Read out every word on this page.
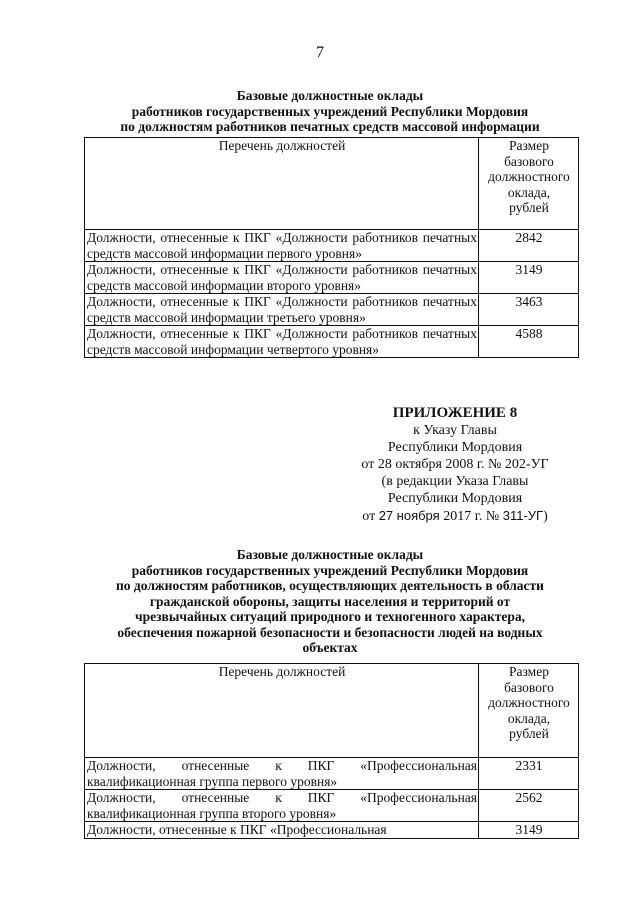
7
Базовые должностные оклады
работников государственных учреждений Республики Мордовия
по должностям работников печатных средств массовой информации
Перечень должностей	Размер
базового
должностного
оклада,
рублей

Должности, отнесенные к ПКГ «Должности работников печатных средств массовой информации первого уровня»	2842
Должности, отнесенные к ПКГ «Должности работников печатных средств массовой информации второго уровня»	3149
Должности, отнесенные к ПКГ «Должности работников печатных средств массовой информации третьего уровня»	3463
Должности, отнесенные к ПКГ «Должности работников печатных средств массовой информации четвертого уровня»	4588
ПРИЛОЖЕНИЕ 8
к Указу Главы
Республики Мордовия
от 28 октября 2008 г. № 202-УГ
(в редакции Указа Главы
Республики Мордовия
от 27 ноября 2017 г. № 311-УГ)
Базовые должностные оклады
работников государственных учреждений Республики Мордовия
по должностям работников, осуществляющих деятельность в области
гражданской обороны, защиты населения и территорий от
чрезвычайных ситуаций природного и техногенного характера,
обеспечения пожарной безопасности и безопасности людей на водных
объектах
Перечень должностей	Размер
базового
должностного
оклада,
рублей

Должности, отнесенные к ПКГ «Профессиональная квалификационная группа первого уровня»	2331
Должности, отнесенные к ПКГ «Профессиональная квалификационная группа второго уровня»	2562
Должности, отнесенные к ПКГ «Профессиональная	3149
